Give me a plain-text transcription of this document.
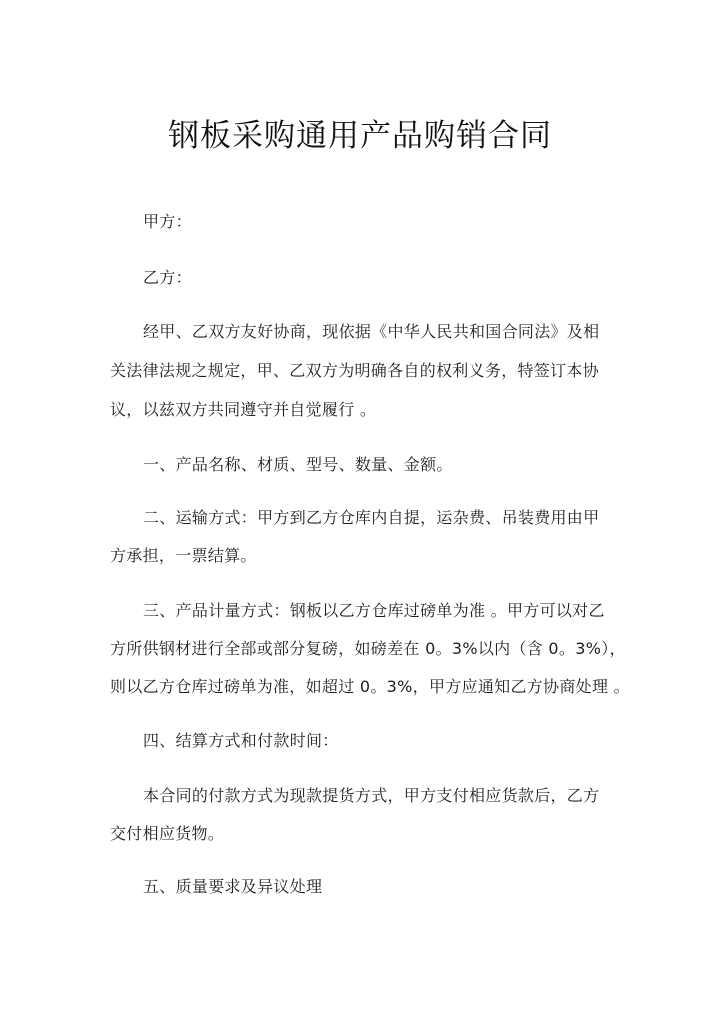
钢板采购通用产品购销合同
甲方：
乙方：
经甲、乙双方友好协商，现依据《中华人民共和国合同法》及相
关法律法规之规定，甲、乙双方为明确各自的权利义务，特签订本协
议，以兹双方共同遵守并自觉履行 。
一、产品名称、材质、型号、数量、金额。
二、运输方式：甲方到乙方仓库内自提，运杂费、吊装费用由甲
方承担，一票结算。
三、产品计量方式：钢板以乙方仓库过磅单为准 。甲方可以对乙
方所供钢材进行全部或部分复磅，如磅差在 0。3%以内（含 0。3%），
则以乙方仓库过磅单为准，如超过 0。3%，甲方应通知乙方协商处理 。
四、结算方式和付款时间：
本合同的付款方式为现款提货方式，甲方支付相应货款后，乙方
交付相应货物。
五、质量要求及异议处理
